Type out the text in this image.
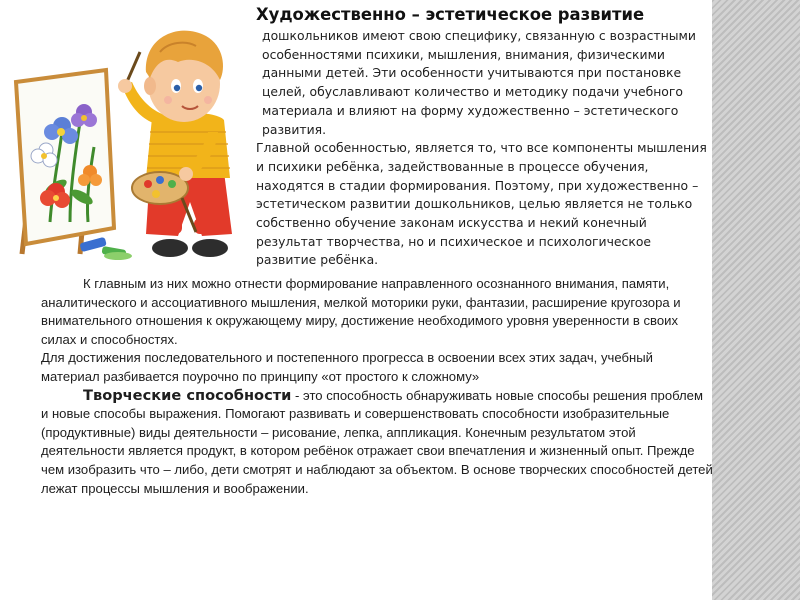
Художественно – эстетическое развитие

дошкольников имеют свою специфику, связанную с возрастными особенностями психики, мышления, внимания, физическими данными детей. Эти особенности учитываются при постановке целей, обуславливают количество и методику подачи учебного материала и влияют на форму художественно – эстетического развития.

Главной особенностью, является то, что все компоненты мышления и психики ребёнка, задействованные в процессе обучения, находятся в стадии формирования. Поэтому, при художественно – эстетическом развитии дошкольников, целью является не только собственно обучение законам искусства и некий конечный результат творчества, но и психическое и психологическое развитие ребёнка.

К главным из них можно отнести формирование направленного осознанного внимания, памяти, аналитического и ассоциативного мышления, мелкой моторики руки, фантазии, расширение кругозора и внимательного отношения к окружающему миру, достижение необходимого уровня уверенности в своих силах и способностях.

Для достижения последовательного и постепенного прогресса в освоении всех этих задач, учебный материал разбивается поурочно по принципу «от простого к сложному»

Творческие способности - это способность обнаруживать новые способы решения проблем и новые способы выражения. Помогают развивать и совершенствовать способности изобразительные (продуктивные) виды деятельности – рисование, лепка, аппликация. Конечным результатом этой деятельности является продукт, в котором ребёнок отражает свои впечатления и жизненный опыт. Прежде чем изобразить что – либо, дети смотрят и наблюдают за объектом. В основе творческих способностей детей лежат процессы мышления и воображении.
